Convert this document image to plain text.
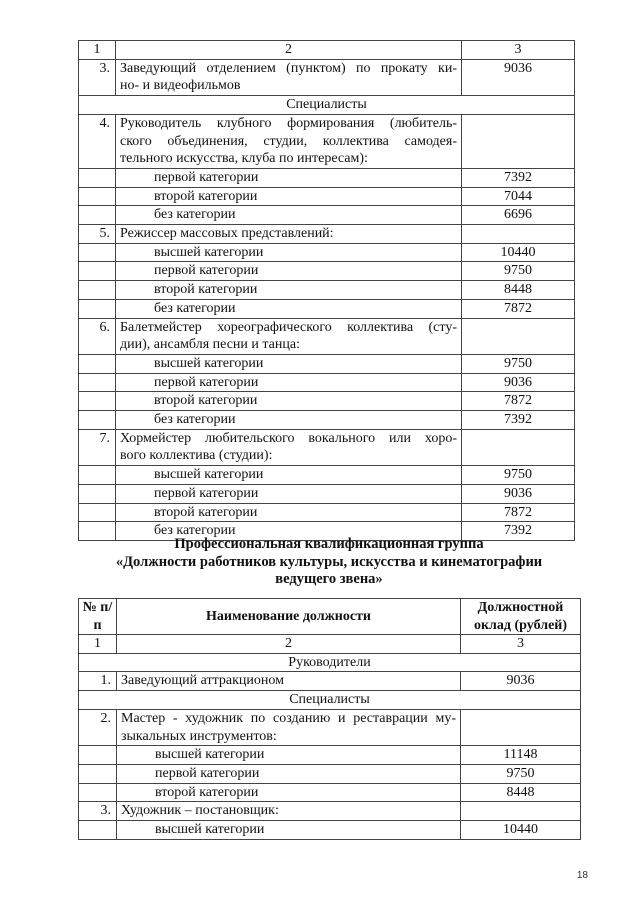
1	2	3
3.	Заведующий отделением (пунктом) по прокату ки-
но- и видеофильмов	9036
Специалисты		
4.	Руководитель клубного формирования (любитель-
ского объединения, студии, коллектива самодея-
тельного искусства, клуба по интересам):	

	первой категории	7392
	второй категории	7044
	без категории	6696
5.	Режиссер массовых представлений:	

	высшей категории	10440
	первой категории	9750
	второй категории	8448
	без категории	7872
6.	Балетмейстер хореографического коллектива (сту-
дии), ансамбля песни и танца:	

	высшей категории	9750
	первой категории	9036
	второй категории	7872
	без категории	7392
7.	Хормейстер любительского вокального или хоро-
вого коллектива (студии):	

	высшей категории	9750
	первой категории	9036
	второй категории	7872
	без категории	7392
Профессиональная квалификационная группа
«Должности работников культуры, искусства и кинематографии
ведущего звена»
№ п/п	Наименование должности	Должностной оклад (рублей)
1	2	3
Руководители		
1.	Заведующий аттракционом	9036
Специалисты		
2.	Мастер - художник по созданию и реставрации му-
зыкальных инструментов:	

	высшей категории	11148
	первой категории	9750
	второй категории	8448
3.	Художник – постановщик:	

	высшей категории	10440
18
